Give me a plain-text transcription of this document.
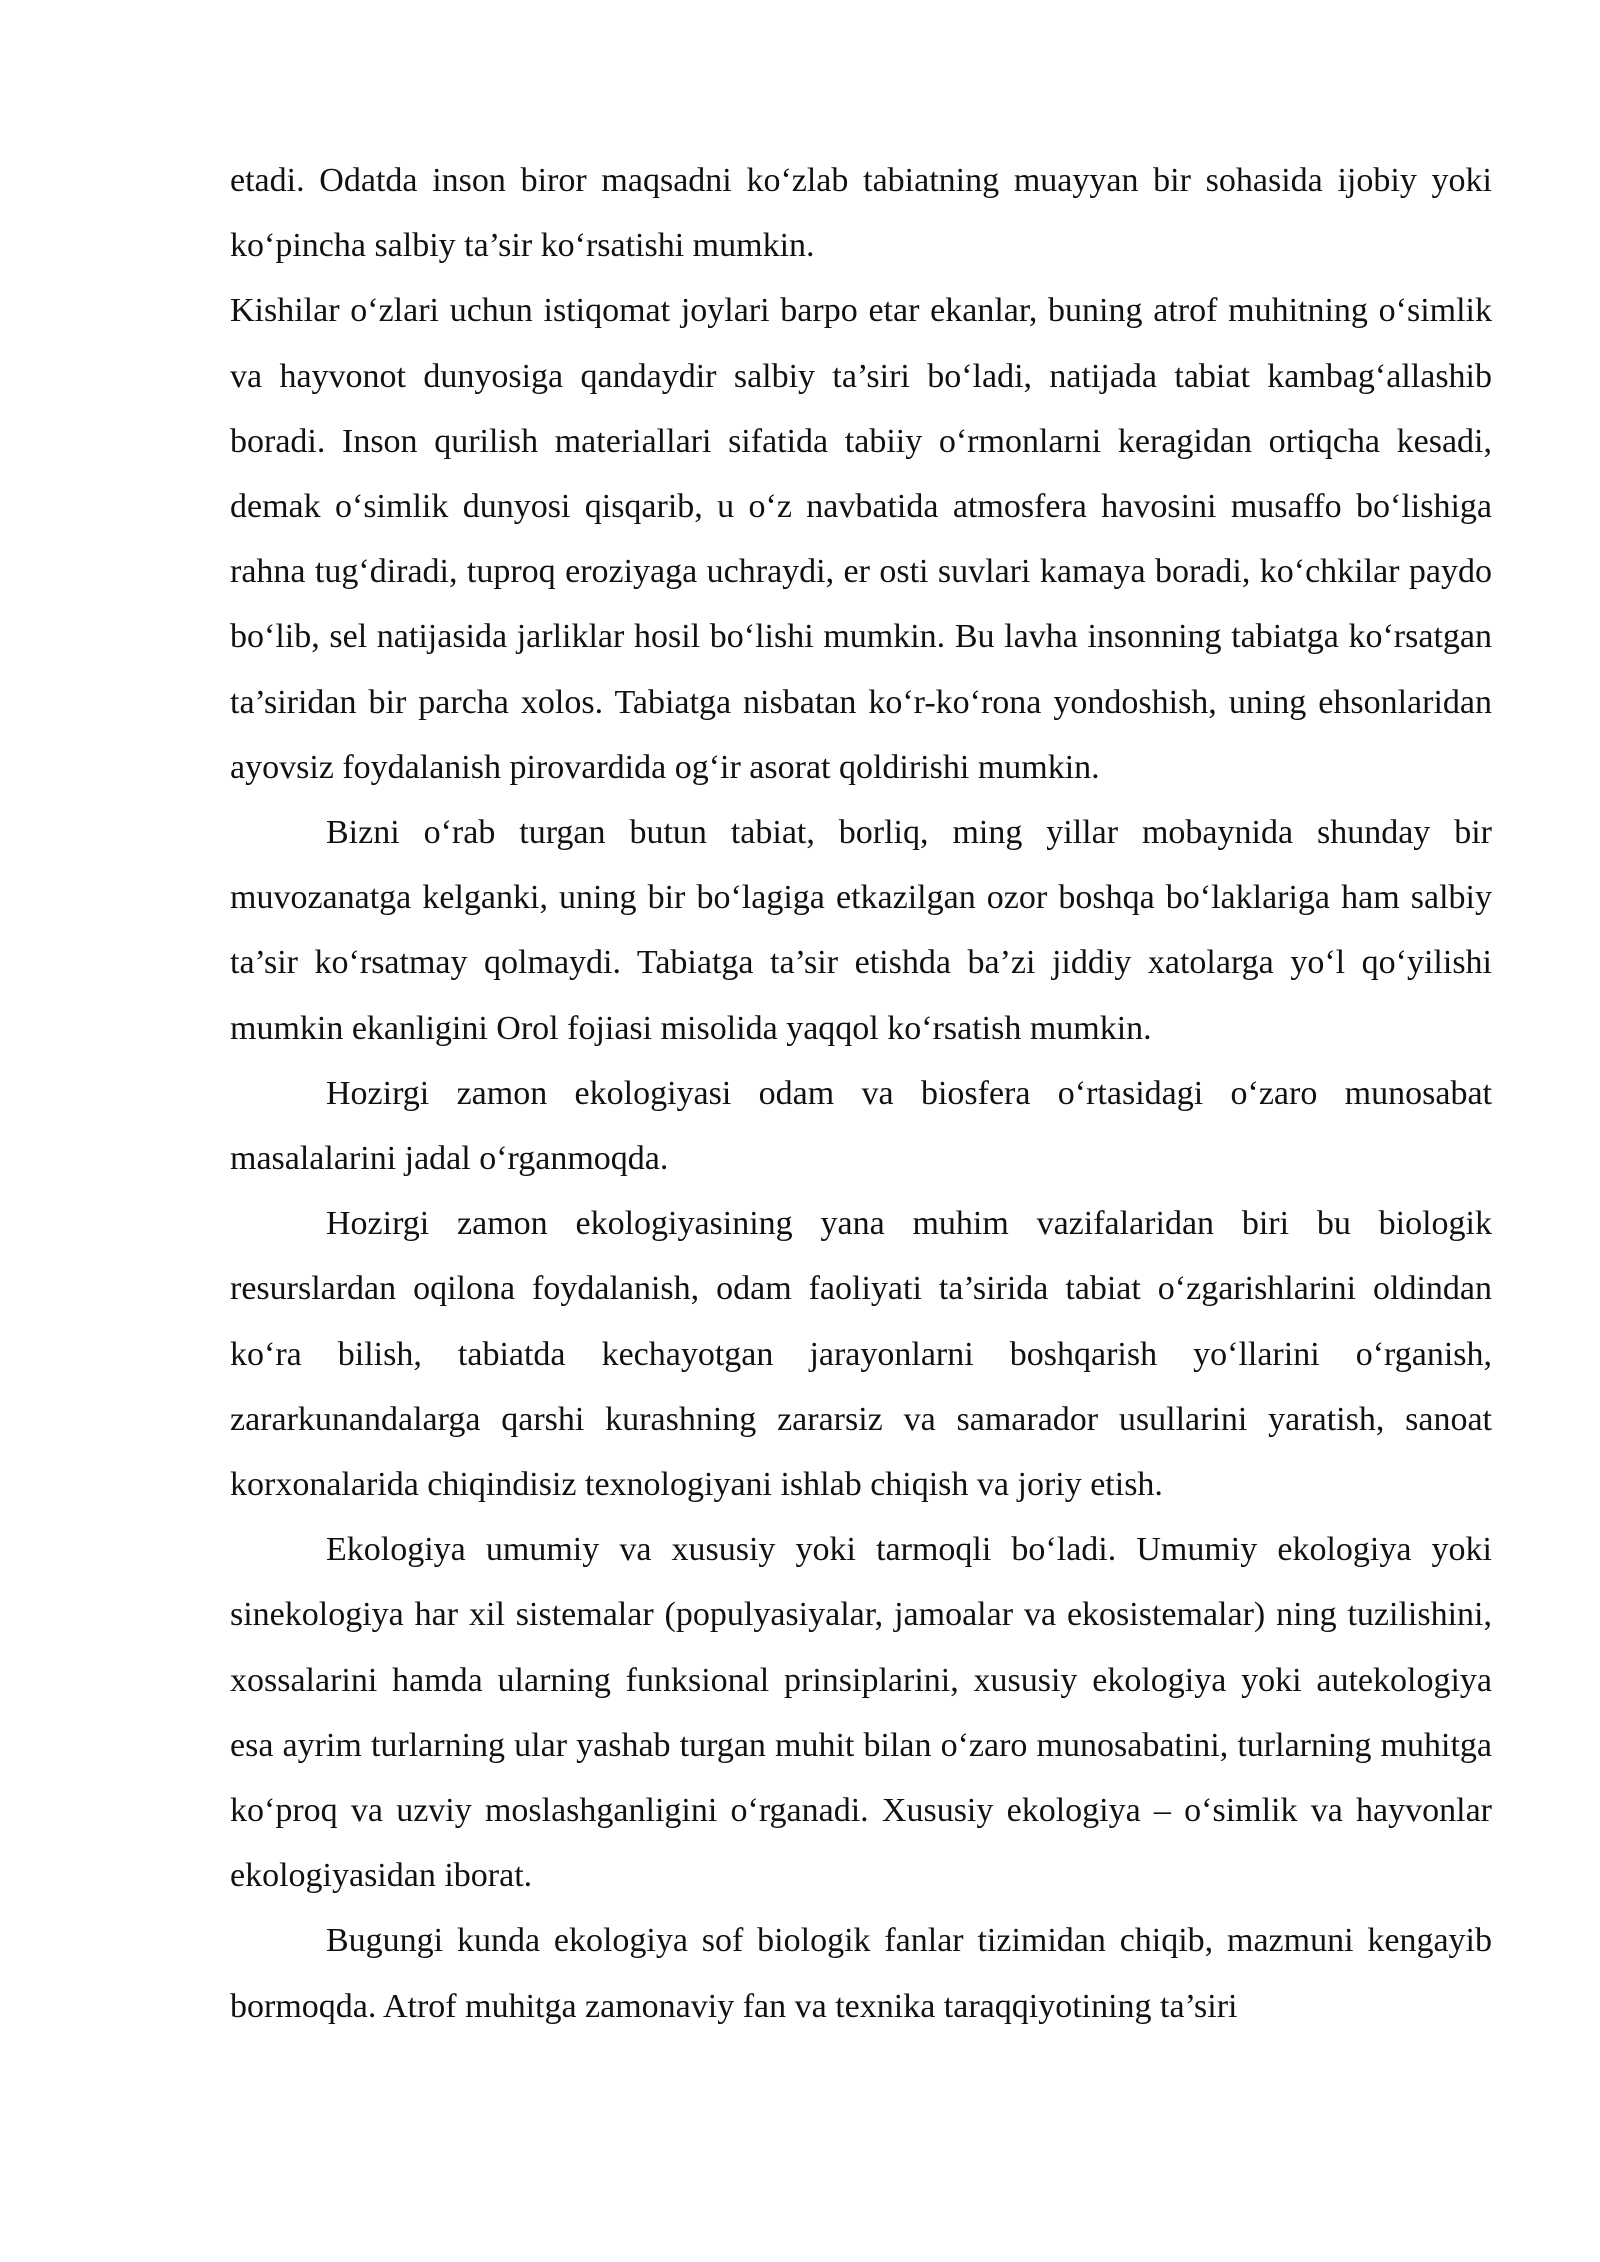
etadi. Odatda inson biror maqsadni ko‘zlab tabiatning muayyan bir sohasida ijobiy yoki ko‘pincha salbiy ta’sir ko‘rsatishi mumkin.

Kishilar o‘zlari uchun istiqomat joylari barpo etar ekanlar, buning atrof muhitning o‘simlik va hayvonot dunyosiga qandaydir salbiy ta’siri bo‘ladi, natijada tabiat kambag‘allashib boradi. Inson qurilish materiallari sifatida tabiiy o‘rmonlarni keragidan ortiqcha kesadi, demak o‘simlik dunyosi qisqarib, u o‘z navbatida atmosfera havosini musaffo bo‘lishiga rahna tug‘diradi, tuproq eroziyaga uchraydi, er osti suvlari kamaya boradi, ko‘chkilar paydo bo‘lib, sel natijasida jarliklar hosil bo‘lishi mumkin. Bu lavha insonning tabiatga ko‘rsatgan ta’siridan bir parcha xolos. Tabiatga nisbatan ko‘r-ko‘rona yondoshish, uning ehsonlaridan ayovsiz foydalanish pirovardida og‘ir asorat qoldirishi mumkin.

Bizni o‘rab turgan butun tabiat, borliq, ming yillar mobaynida shunday bir muvozanatga kelganki, uning bir bo‘lagiga etkazilgan ozor boshqa bo‘laklariga ham salbiy ta’sir ko‘rsatmay qolmaydi. Tabiatga ta’sir etishda ba’zi jiddiy xatolarga yo‘l qo‘yilishi mumkin ekanligini Orol fojiasi misolida yaqqol ko‘rsatish mumkin.

Hozirgi zamon ekologiyasi odam va biosfera o‘rtasidagi o‘zaro munosabat masalalarini jadal o‘rganmoqda.

Hozirgi zamon ekologiyasining yana muhim vazifalaridan biri bu biologik resurslardan oqilona foydalanish, odam faoliyati ta’sirida tabiat o‘zgarishlarini oldindan ko‘ra bilish, tabiatda kechayotgan jarayonlarni boshqarish yo‘llarini o‘rganish, zararkunandalarga qarshi kurashning zararsiz va samarador usullarini yaratish, sanoat korxonalarida chiqindisiz texnologiyani ishlab chiqish va joriy etish.

Ekologiya umumiy va xususiy yoki tarmoqli bo‘ladi. Umumiy ekologiya yoki sinekologiya har xil sistemalar (populyasiyalar, jamoalar va ekosistemalar) ning tuzilishini, xossalarini hamda ularning funksional prinsiplarini, xususiy ekologiya yoki autekologiya esa ayrim turlarning ular yashab turgan muhit bilan o‘zaro munosabatini, turlarning muhitga ko‘proq va uzviy moslashganligini o‘rganadi. Xususiy ekologiya – o‘simlik va hayvonlar ekologiyasidan iborat.

Bugungi kunda ekologiya sof biologik fanlar tizimidan chiqib, mazmuni kengayib bormoqda. Atrof muhitga zamonaviy fan va texnika taraqqiyotining ta’siri
